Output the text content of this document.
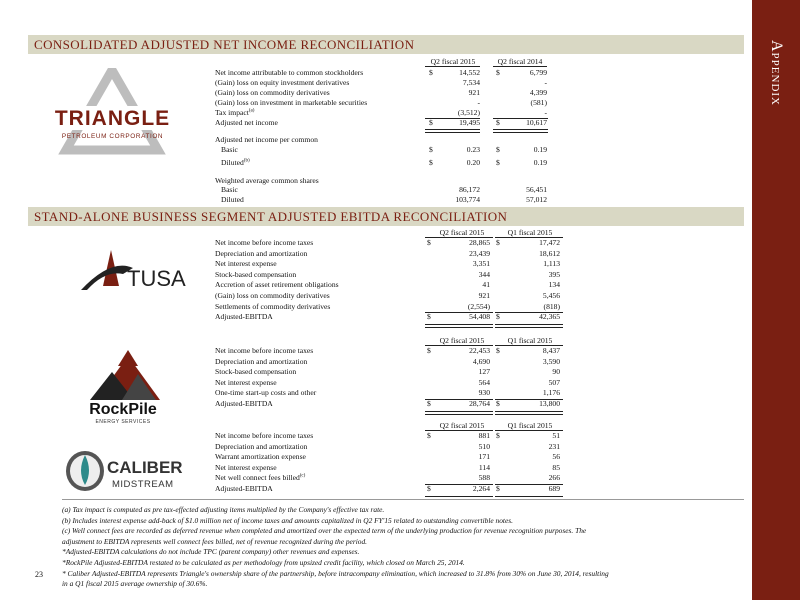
Appendix
CONSOLIDATED ADJUSTED NET INCOME RECONCILIATION
TRIANGLE
PETROLEUM CORPORATION
Q2 fiscal 2015	Q2 fiscal 2014
Net income attributable to common stockholders	$	14,552 $	6,799
(Gain) loss on equity investment derivatives	7,534	-
(Gain) loss on commodity derivatives	921	4,399
(Gain) loss on investment in marketable securities	-	(581)
Tax impact$^{(a)}$	(3,512)	-
Adjusted net income	$	19,495 $	10,617
Adjusted net income per common
Basic	$	0.23 $	0.19
Diluted$^{(b)}$	$	0.20 $	0.19
Weighted average common shares
Basic	86,172	56,451
Diluted	103,774	57,012
STAND-ALONE BUSINESS SEGMENT ADJUSTED EBITDA RECONCILIATION
TUSA
RockPile
ENERGY SERVICES
CALIBER
MIDSTREAM
Q2 fiscal 2015	Q1 fiscal 2015
Net income before income taxes	$	28,865 $	17,472
Depreciation and amortization	23,439	18,612
Net interest expense	3,351	1,113
Stock-based compensation	344	395
Accretion of asset retirement obligations	41	134
(Gain) loss on commodity derivatives	921	5,456
Settlements of commodity derivatives	(2,554)	(818)
Adjusted-EBITDA	$	54,408 $	42,365
Q2 fiscal 2015	Q1 fiscal 2015
Net income before income taxes	$	22,453 $	8,437
Depreciation and amortization	4,690	3,590
Stock-based compensation	127	90
Net interest expense	564	507
One-time start-up costs and other	930	1,176
Adjusted-EBITDA	$	28,764 $	13,800
Q2 fiscal 2015	Q1 fiscal 2015
Net income before income taxes	$	881 $	51
Depreciation and amortization	510	231
Warrant amortization expense	171	56
Net interest expense	114	85
Net well connect fees billed$^{(c)}$	588	266
Adjusted-EBITDA	$	2,264 $	689
(a) Tax impact is computed as pre tax-effected adjusting items multiplied by the Company's effective tax rate.
(b) Includes interest expense add-back of $1.0 million net of income taxes and amounts capitalized in Q2 FY'15 related to outstanding convertible notes.
(c) Well connect fees are recorded as deferred revenue when completed and amortized over the expected term of the underlying production for revenue recognition purposes. The
adjustment to EBITDA represents well connect fees billed, net of revenue recognized during the period.
*Adjusted-EBITDA calculations do not include TPC (parent company) other revenues and expenses.
*RockPile Adjusted-EBITDA restated to be calculated as per methodology from upsized credit facility, which closed on March 25, 2014.
* Caliber Adjusted-EBITDA represents Triangle's ownership share of the partnership, before intracompany elimination, which increased to 31.8% from 30% on June 30, 2014, resulting
in a Q1 fiscal 2015 average ownership of 30.6%.
23
